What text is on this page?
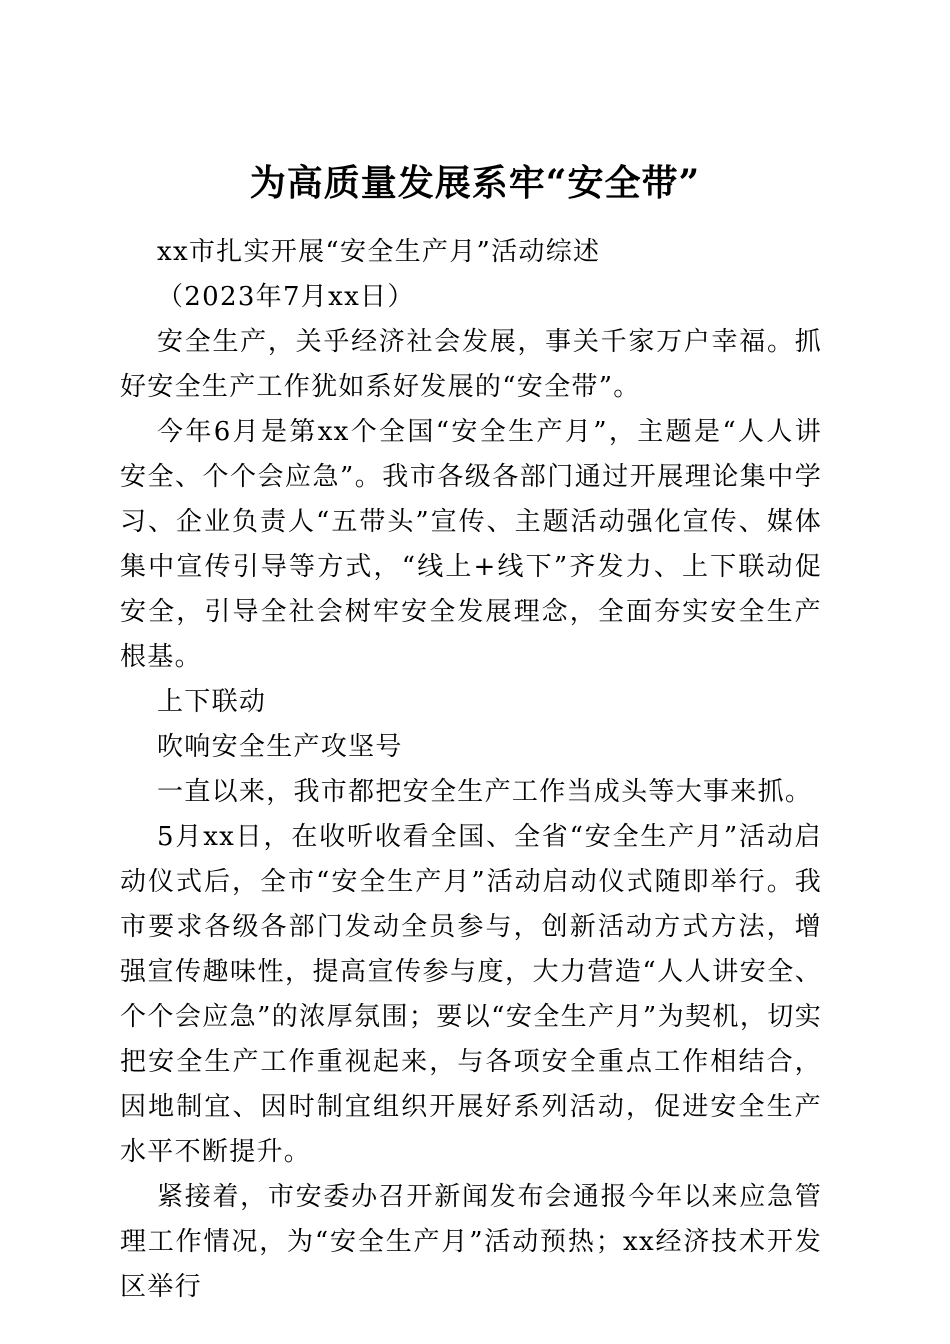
为高质量发展系牢“安全带”

xx市扎实开展“安全生产月”活动综述

（2023年7月xx日）

安全生产，关乎经济社会发展，事关千家万户幸福。抓好安全生产工作犹如系好发展的“安全带”。

今年6月是第xx个全国“安全生产月”，主题是“人人讲安全、个个会应急”。我市各级各部门通过开展理论集中学习、企业负责人“五带头”宣传、主题活动强化宣传、媒体集中宣传引导等方式，“线上+线下”齐发力、上下联动促安全，引导全社会树牢安全发展理念，全面夯实安全生产根基。

上下联动

吹响安全生产攻坚号

一直以来，我市都把安全生产工作当成头等大事来抓。

5月xx日，在收听收看全国、全省“安全生产月”活动启动仪式后，全市“安全生产月”活动启动仪式随即举行。我市要求各级各部门发动全员参与，创新活动方式方法，增强宣传趣味性，提高宣传参与度，大力营造“人人讲安全、个个会应急”的浓厚氛围；要以“安全生产月”为契机，切实把安全生产工作重视起来，与各项安全重点工作相结合，因地制宜、因时制宜组织开展好系列活动，促进安全生产水平不断提升。

紧接着，市安委办召开新闻发布会通报今年以来应急管理工作情况，为“安全生产月”活动预热；xx经济技术开发区举行
